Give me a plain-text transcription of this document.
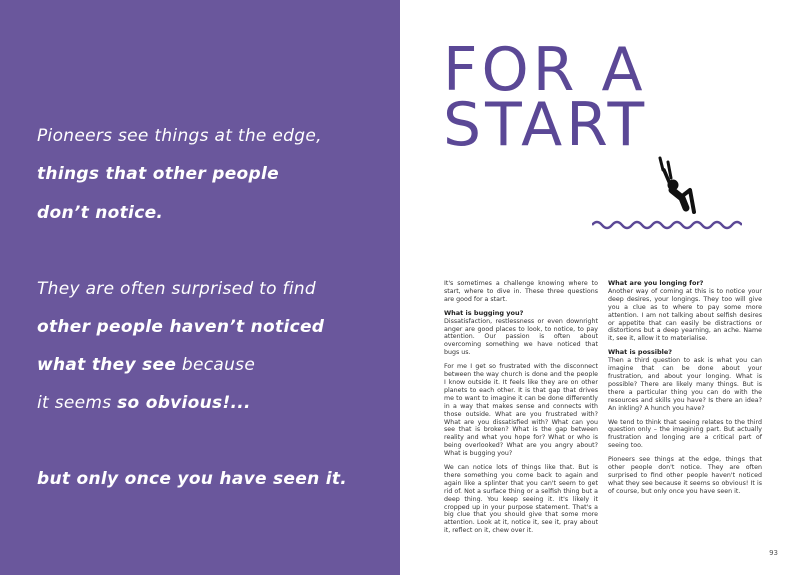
Pioneers see things at the edge,
things that other people
don’t notice.
They are often surprised to find
other people haven’t noticed
what they see because
it seems so obvious!...
but only once you have seen it.
FOR A
START

It's sometimes a challenge knowing where to start, where to dive in. These three questions are good for a start.

What is bugging you?

Dissatisfaction, restlessness or even downright anger are good places to look, to notice, to pay attention. Our passion is often about overcoming something we have noticed that bugs us.

For me I get so frustrated with the disconnect between the way church is done and the people I know outside it. It feels like they are on other planets to each other. It is that gap that drives me to want to imagine it can be done differently in a way that makes sense and connects with those outside. What are you frustrated with? What are you dissatisfied with? What can you see that is broken? What is the gap between reality and what you hope for? What or who is being overlooked? What are you angry about? What is bugging you?

We can notice lots of things like that. But is there something you come back to again and again like a splinter that you can't seem to get rid of. Not a surface thing or a selfish thing but a deep thing. You keep seeing it. It's likely it cropped up in your purpose statement. That's a big clue that you should give that some more attention. Look at it, notice it, see it, pray about it, reflect on it, chew over it.

What are you longing for?

Another way of coming at this is to notice your deep desires, your longings. They too will give you a clue as to where to pay some more attention. I am not talking about selfish desires or appetite that can easily be distractions or distortions but a deep yearning, an ache. Name it, see it, allow it to materialise.

What is possible?

Then a third question to ask is what you can imagine that can be done about your frustration, and about your longing. What is possible? There are likely many things. But is there a particular thing you can do with the resources and skills you have? Is there an idea? An inkling? A hunch you have?

We tend to think that seeing relates to the third question only – the imagining part. But actually frustration and longing are a critical part of seeing too.

Pioneers see things at the edge, things that other people don't notice. They are often surprised to find other people haven't noticed what they see because it seems so obvious! It is of course, but only once you have seen it.

93
